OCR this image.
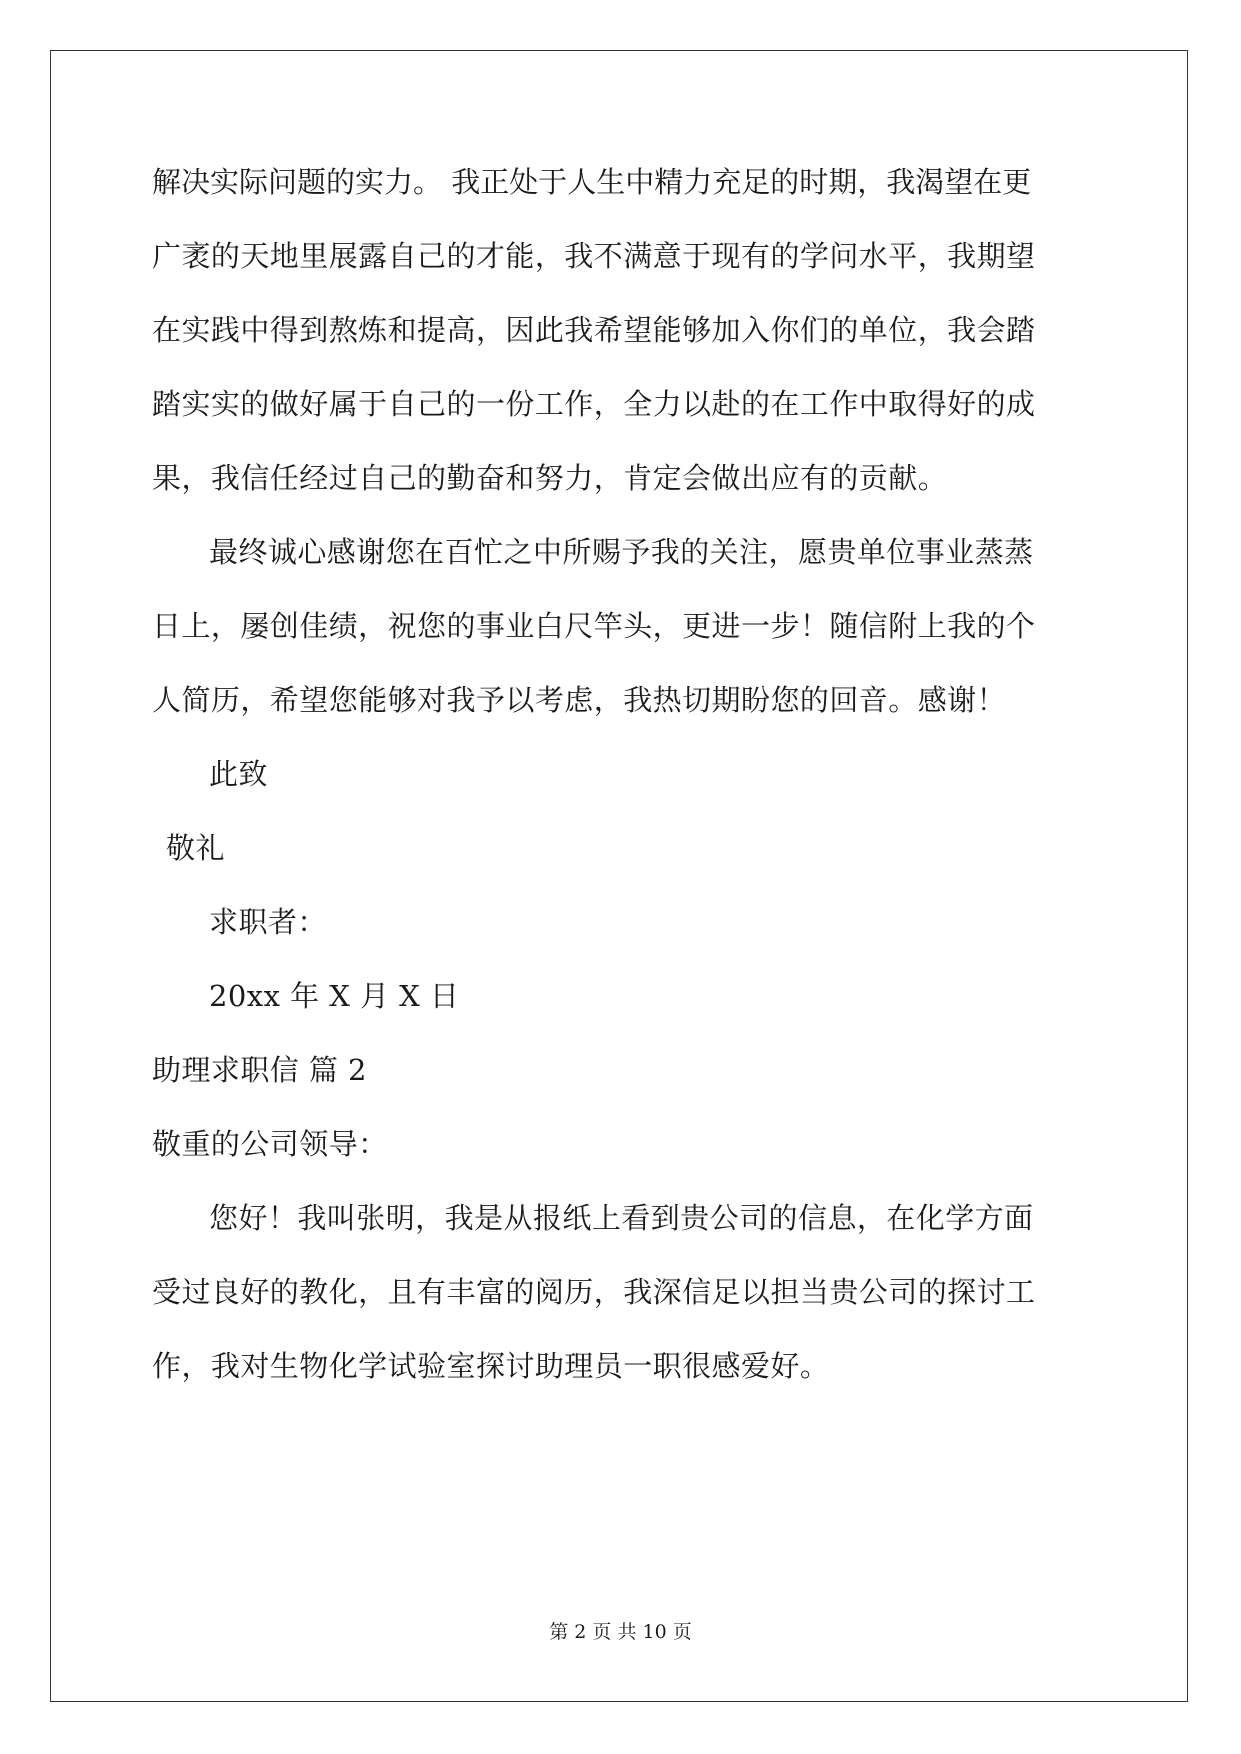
解决实际问题的实力。 我正处于人生中精力充足的时期，我渴望在更
广袤的天地里展露自己的才能，我不满意于现有的学问水平，我期望
在实践中得到熬炼和提高，因此我希望能够加入你们的单位，我会踏
踏实实的做好属于自己的一份工作，全力以赴的在工作中取得好的成
果，我信任经过自己的勤奋和努力，肯定会做出应有的贡献。
最终诚心感谢您在百忙之中所赐予我的关注，愿贵单位事业蒸蒸
日上，屡创佳绩，祝您的事业白尺竿头，更进一步！随信附上我的个
人简历，希望您能够对我予以考虑，我热切期盼您的回音。感谢！
此致
敬礼
求职者：
20xx 年 X 月 X 日
助理求职信 篇 2
敬重的公司领导：
您好！我叫张明，我是从报纸上看到贵公司的信息，在化学方面
受过良好的教化，且有丰富的阅历，我深信足以担当贵公司的探讨工
作，我对生物化学试验室探讨助理员一职很感爱好。
第 2 页 共 10 页
